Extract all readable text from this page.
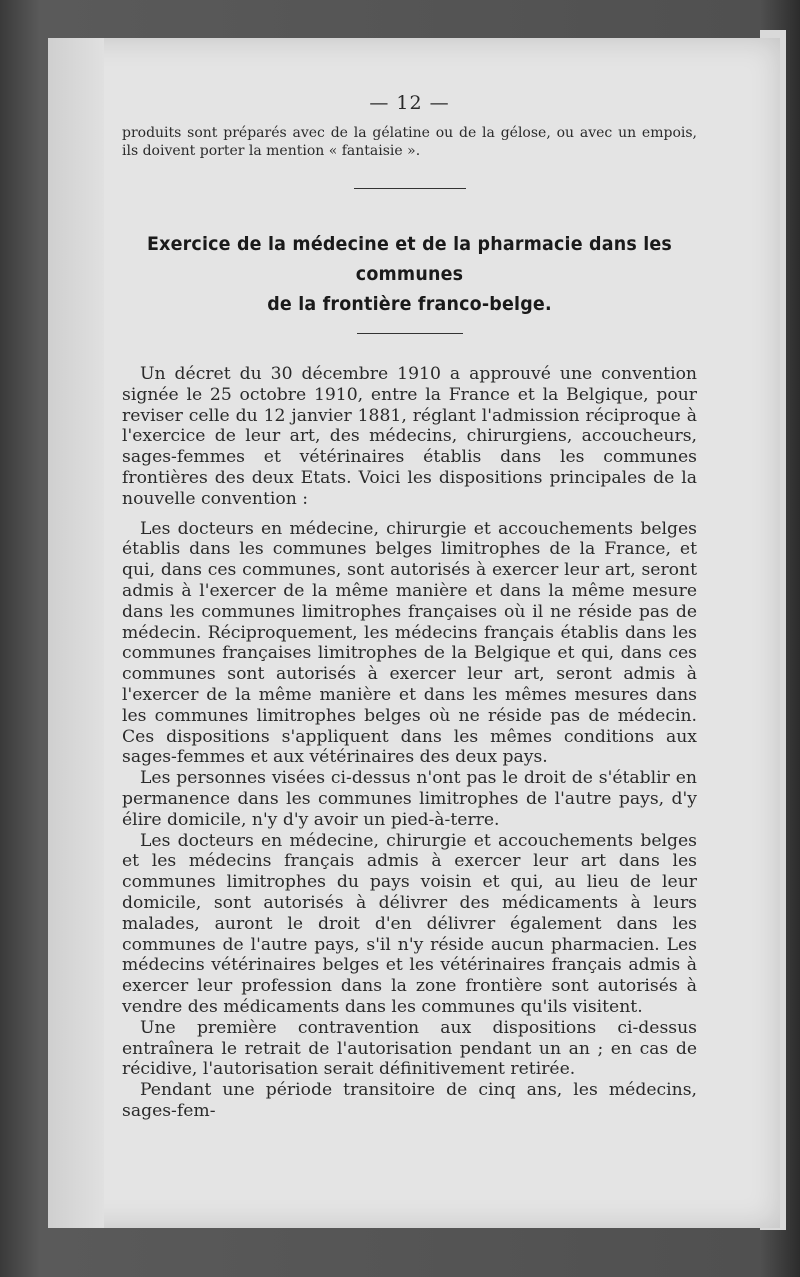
— 12 —

produits sont préparés avec de la gélatine ou de la gélose, ou avec un empois, ils doivent porter la mention « fantaisie ».

Exercice de la médecine et de la pharmacie dans les communes
de la frontière franco-belge.

Un décret du 30 décembre 1910 a approuvé une convention signée le 25 octobre 1910, entre la France et la Belgique, pour reviser celle du 12 janvier 1881, réglant l'admission réciproque à l'exercice de leur art, des médecins, chirurgiens, accoucheurs, sages-femmes et vétérinaires établis dans les communes frontières des deux Etats. Voici les dispositions principales de la nouvelle convention :

Les docteurs en médecine, chirurgie et accouchements belges établis dans les communes belges limitrophes de la France, et qui, dans ces communes, sont autorisés à exercer leur art, seront admis à l'exercer de la même manière et dans la même mesure dans les communes limitrophes françaises où il ne réside pas de médecin. Réciproquement, les médecins français établis dans les communes françaises limitrophes de la Belgique et qui, dans ces communes sont autorisés à exercer leur art, seront admis à l'exercer de la même manière et dans les mêmes mesures dans les communes limitrophes belges où ne réside pas de médecin. Ces dispositions s'appliquent dans les mêmes conditions aux sages-femmes et aux vétérinaires des deux pays.

Les personnes visées ci-dessus n'ont pas le droit de s'établir en permanence dans les communes limitrophes de l'autre pays, d'y élire domicile, n'y d'y avoir un pied-à-terre.

Les docteurs en médecine, chirurgie et accouchements belges et les médecins français admis à exercer leur art dans les communes limitrophes du pays voisin et qui, au lieu de leur domicile, sont autorisés à délivrer des médicaments à leurs malades, auront le droit d'en délivrer également dans les communes de l'autre pays, s'il n'y réside aucun pharmacien. Les médecins vétérinaires belges et les vétérinaires français admis à exercer leur profession dans la zone frontière sont autorisés à vendre des médicaments dans les communes qu'ils visitent.

Une première contravention aux dispositions ci-dessus entraînera le retrait de l'autorisation pendant un an ; en cas de récidive, l'autorisation serait définitivement retirée.

Pendant une période transitoire de cinq ans, les médecins, sages-fem-
